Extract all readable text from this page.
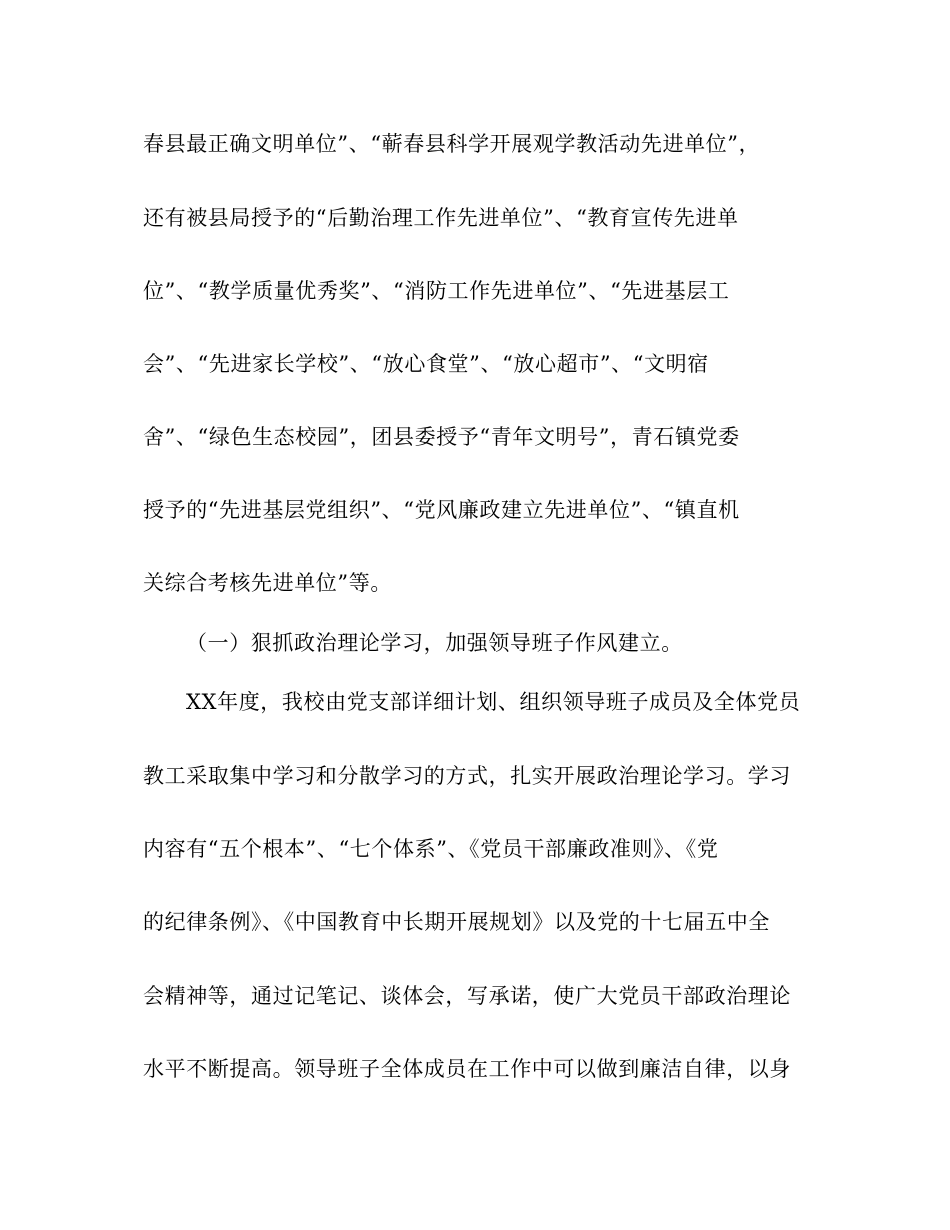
春县最正确文明单位”、“蕲春县科学开展观学教活动先进单位”，
还有被县局授予的“后勤治理工作先进单位”、“教育宣传先进单
位”、“教学质量优秀奖”、“消防工作先进单位”、“先进基层工
会”、“先进家长学校”、“放心食堂”、“放心超市”、“文明宿
舍”、“绿色生态校园”，团县委授予“青年文明号”，青石镇党委
授予的“先进基层党组织”、“党风廉政建立先进单位”、“镇直机
关综合考核先进单位”等。
（一）狠抓政治理论学习，加强领导班子作风建立。
XX年度，我校由党支部详细计划、组织领导班子成员及全体党员
教工采取集中学习和分散学习的方式，扎实开展政治理论学习。学习
内容有“五个根本”、“七个体系”、《党员干部廉政准则》、《党
的纪律条例》、《中国教育中长期开展规划》以及党的十七届五中全
会精神等，通过记笔记、谈体会，写承诺，使广大党员干部政治理论
水平不断提高。领导班子全体成员在工作中可以做到廉洁自律，以身
